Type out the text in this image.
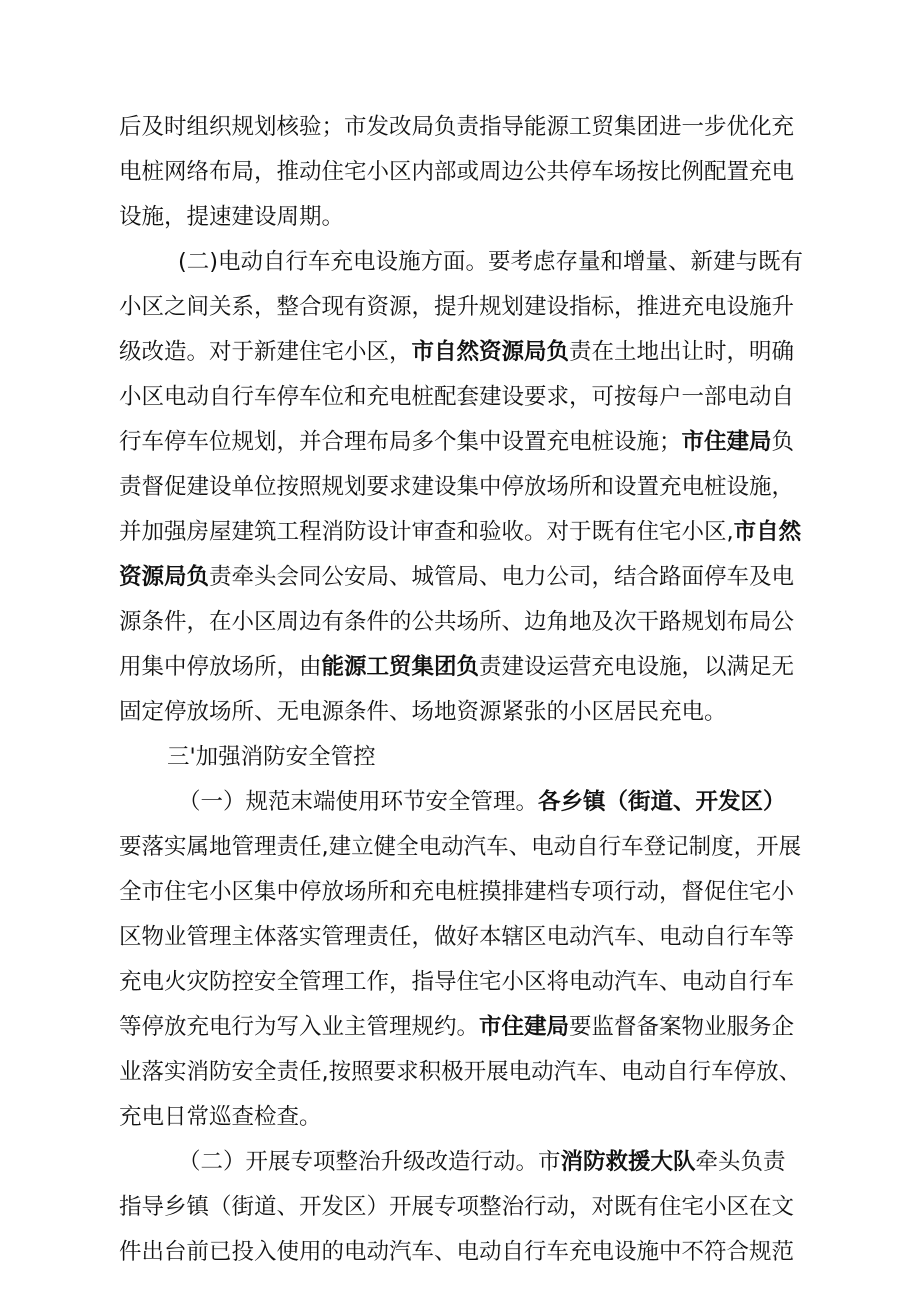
后及时组织规划核验；市发改局负责指导能源工贸集团进一步优化充
电桩网络布局，推动住宅小区内部或周边公共停车场按比例配置充电
设施，提速建设周期。
(二)电动自行车充电设施方面。要考虑存量和增量、新建与既有
小区之间关系，整合现有资源，提升规划建设指标，推进充电设施升
级改造。对于新建住宅小区，市自然资源局负责在土地出让时，明确
小区电动自行车停车位和充电桩配套建设要求，可按每户一部电动自
行车停车位规划，并合理布局多个集中设置充电桩设施；市住建局负
责督促建设单位按照规划要求建设集中停放场所和设置充电桩设施，
并加强房屋建筑工程消防设计审查和验收。对于既有住宅小区,市自然
资源局负责牵头会同公安局、城管局、电力公司，结合路面停车及电
源条件，在小区周边有条件的公共场所、边角地及次干路规划布局公
用集中停放场所，由能源工贸集团负责建设运营充电设施，以满足无
固定停放场所、无电源条件、场地资源紧张的小区居民充电。
三'加强消防安全管控
（一）规范末端使用环节安全管理。各乡镇（街道、开发区）
要落实属地管理责任,建立健全电动汽车、电动自行车登记制度，开展
全市住宅小区集中停放场所和充电桩摸排建档专项行动，督促住宅小
区物业管理主体落实管理责任，做好本辖区电动汽车、电动自行车等
充电火灾防控安全管理工作，指导住宅小区将电动汽车、电动自行车
等停放充电行为写入业主管理规约。市住建局要监督备案物业服务企
业落实消防安全责任,按照要求积极开展电动汽车、电动自行车停放、
充电日常巡查检查。
（二）开展专项整治升级改造行动。市消防救援大队牵头负责
指导乡镇（街道、开发区）开展专项整治行动，对既有住宅小区在文
件出台前已投入使用的电动汽车、电动自行车充电设施中不符合规范
